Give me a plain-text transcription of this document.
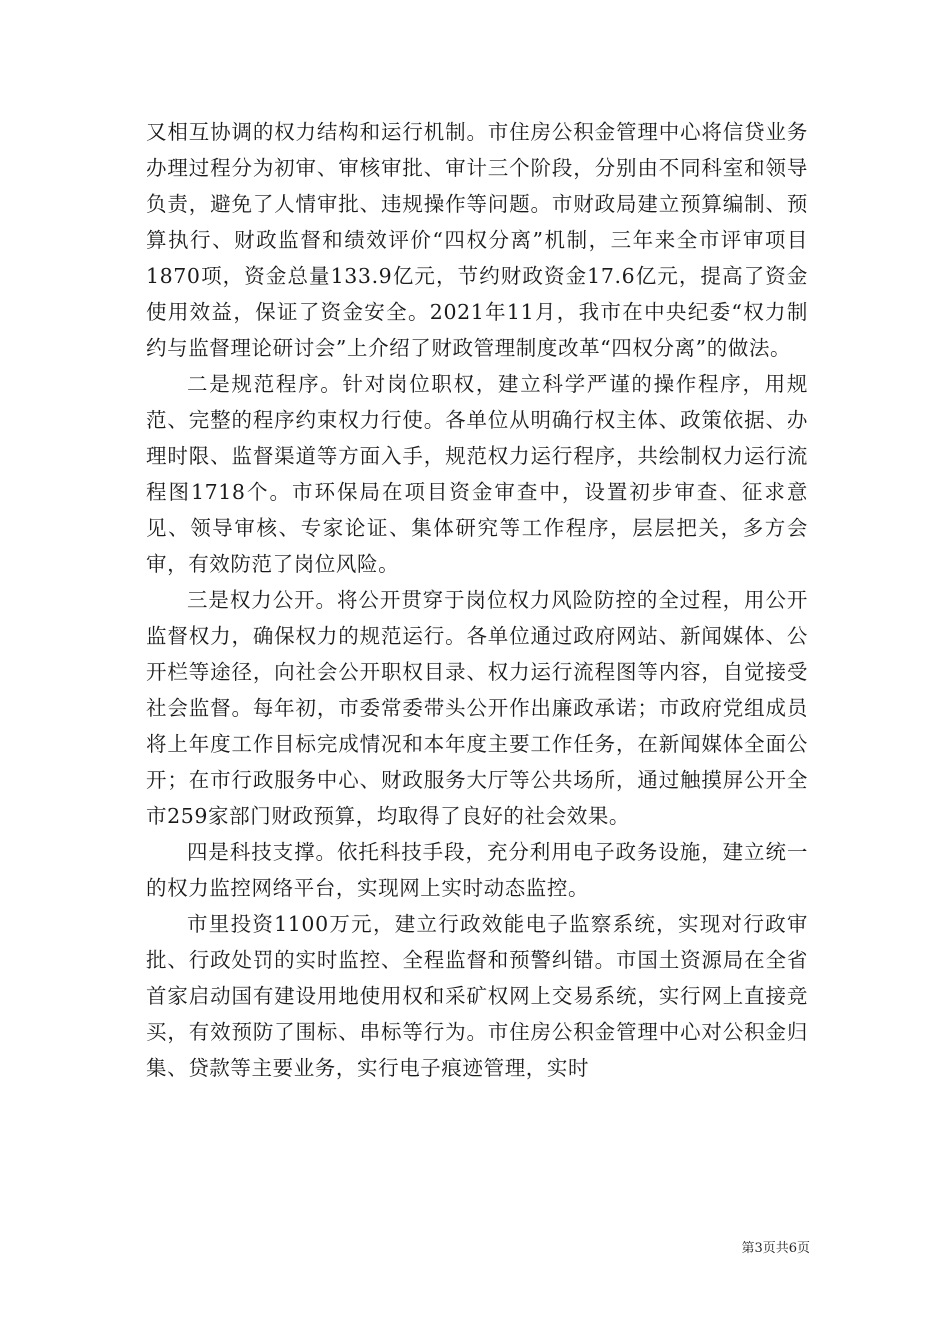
又相互协调的权力结构和运行机制。市住房公积金管理中心将信贷业务办理过程分为初审、审核审批、审计三个阶段，分别由不同科室和领导负责，避免了人情审批、违规操作等问题。市财政局建立预算编制、预算执行、财政监督和绩效评价“四权分离”机制，三年来全市评审项目1870项，资金总量133.9亿元，节约财政资金17.6亿元，提高了资金使用效益，保证了资金安全。2021年11月，我市在中央纪委“权力制约与监督理论研讨会”上介绍了财政管理制度改革“四权分离”的做法。

二是规范程序。针对岗位职权，建立科学严谨的操作程序，用规范、完整的程序约束权力行使。各单位从明确行权主体、政策依据、办理时限、监督渠道等方面入手，规范权力运行程序，共绘制权力运行流程图1718个。市环保局在项目资金审查中，设置初步审查、征求意见、领导审核、专家论证、集体研究等工作程序，层层把关，多方会审，有效防范了岗位风险。

三是权力公开。将公开贯穿于岗位权力风险防控的全过程，用公开监督权力，确保权力的规范运行。各单位通过政府网站、新闻媒体、公开栏等途径，向社会公开职权目录、权力运行流程图等内容，自觉接受社会监督。每年初，市委常委带头公开作出廉政承诺；市政府党组成员将上年度工作目标完成情况和本年度主要工作任务，在新闻媒体全面公开；在市行政服务中心、财政服务大厅等公共场所，通过触摸屏公开全市259家部门财政预算，均取得了良好的社会效果。

四是科技支撑。依托科技手段，充分利用电子政务设施，建立统一的权力监控网络平台，实现网上实时动态监控。

市里投资1100万元，建立行政效能电子监察系统，实现对行政审批、行政处罚的实时监控、全程监督和预警纠错。市国土资源局在全省首家启动国有建设用地使用权和采矿权网上交易系统，实行网上直接竞买，有效预防了围标、串标等行为。市住房公积金管理中心对公积金归集、贷款等主要业务，实行电子痕迹管理，实时

第3页共6页
